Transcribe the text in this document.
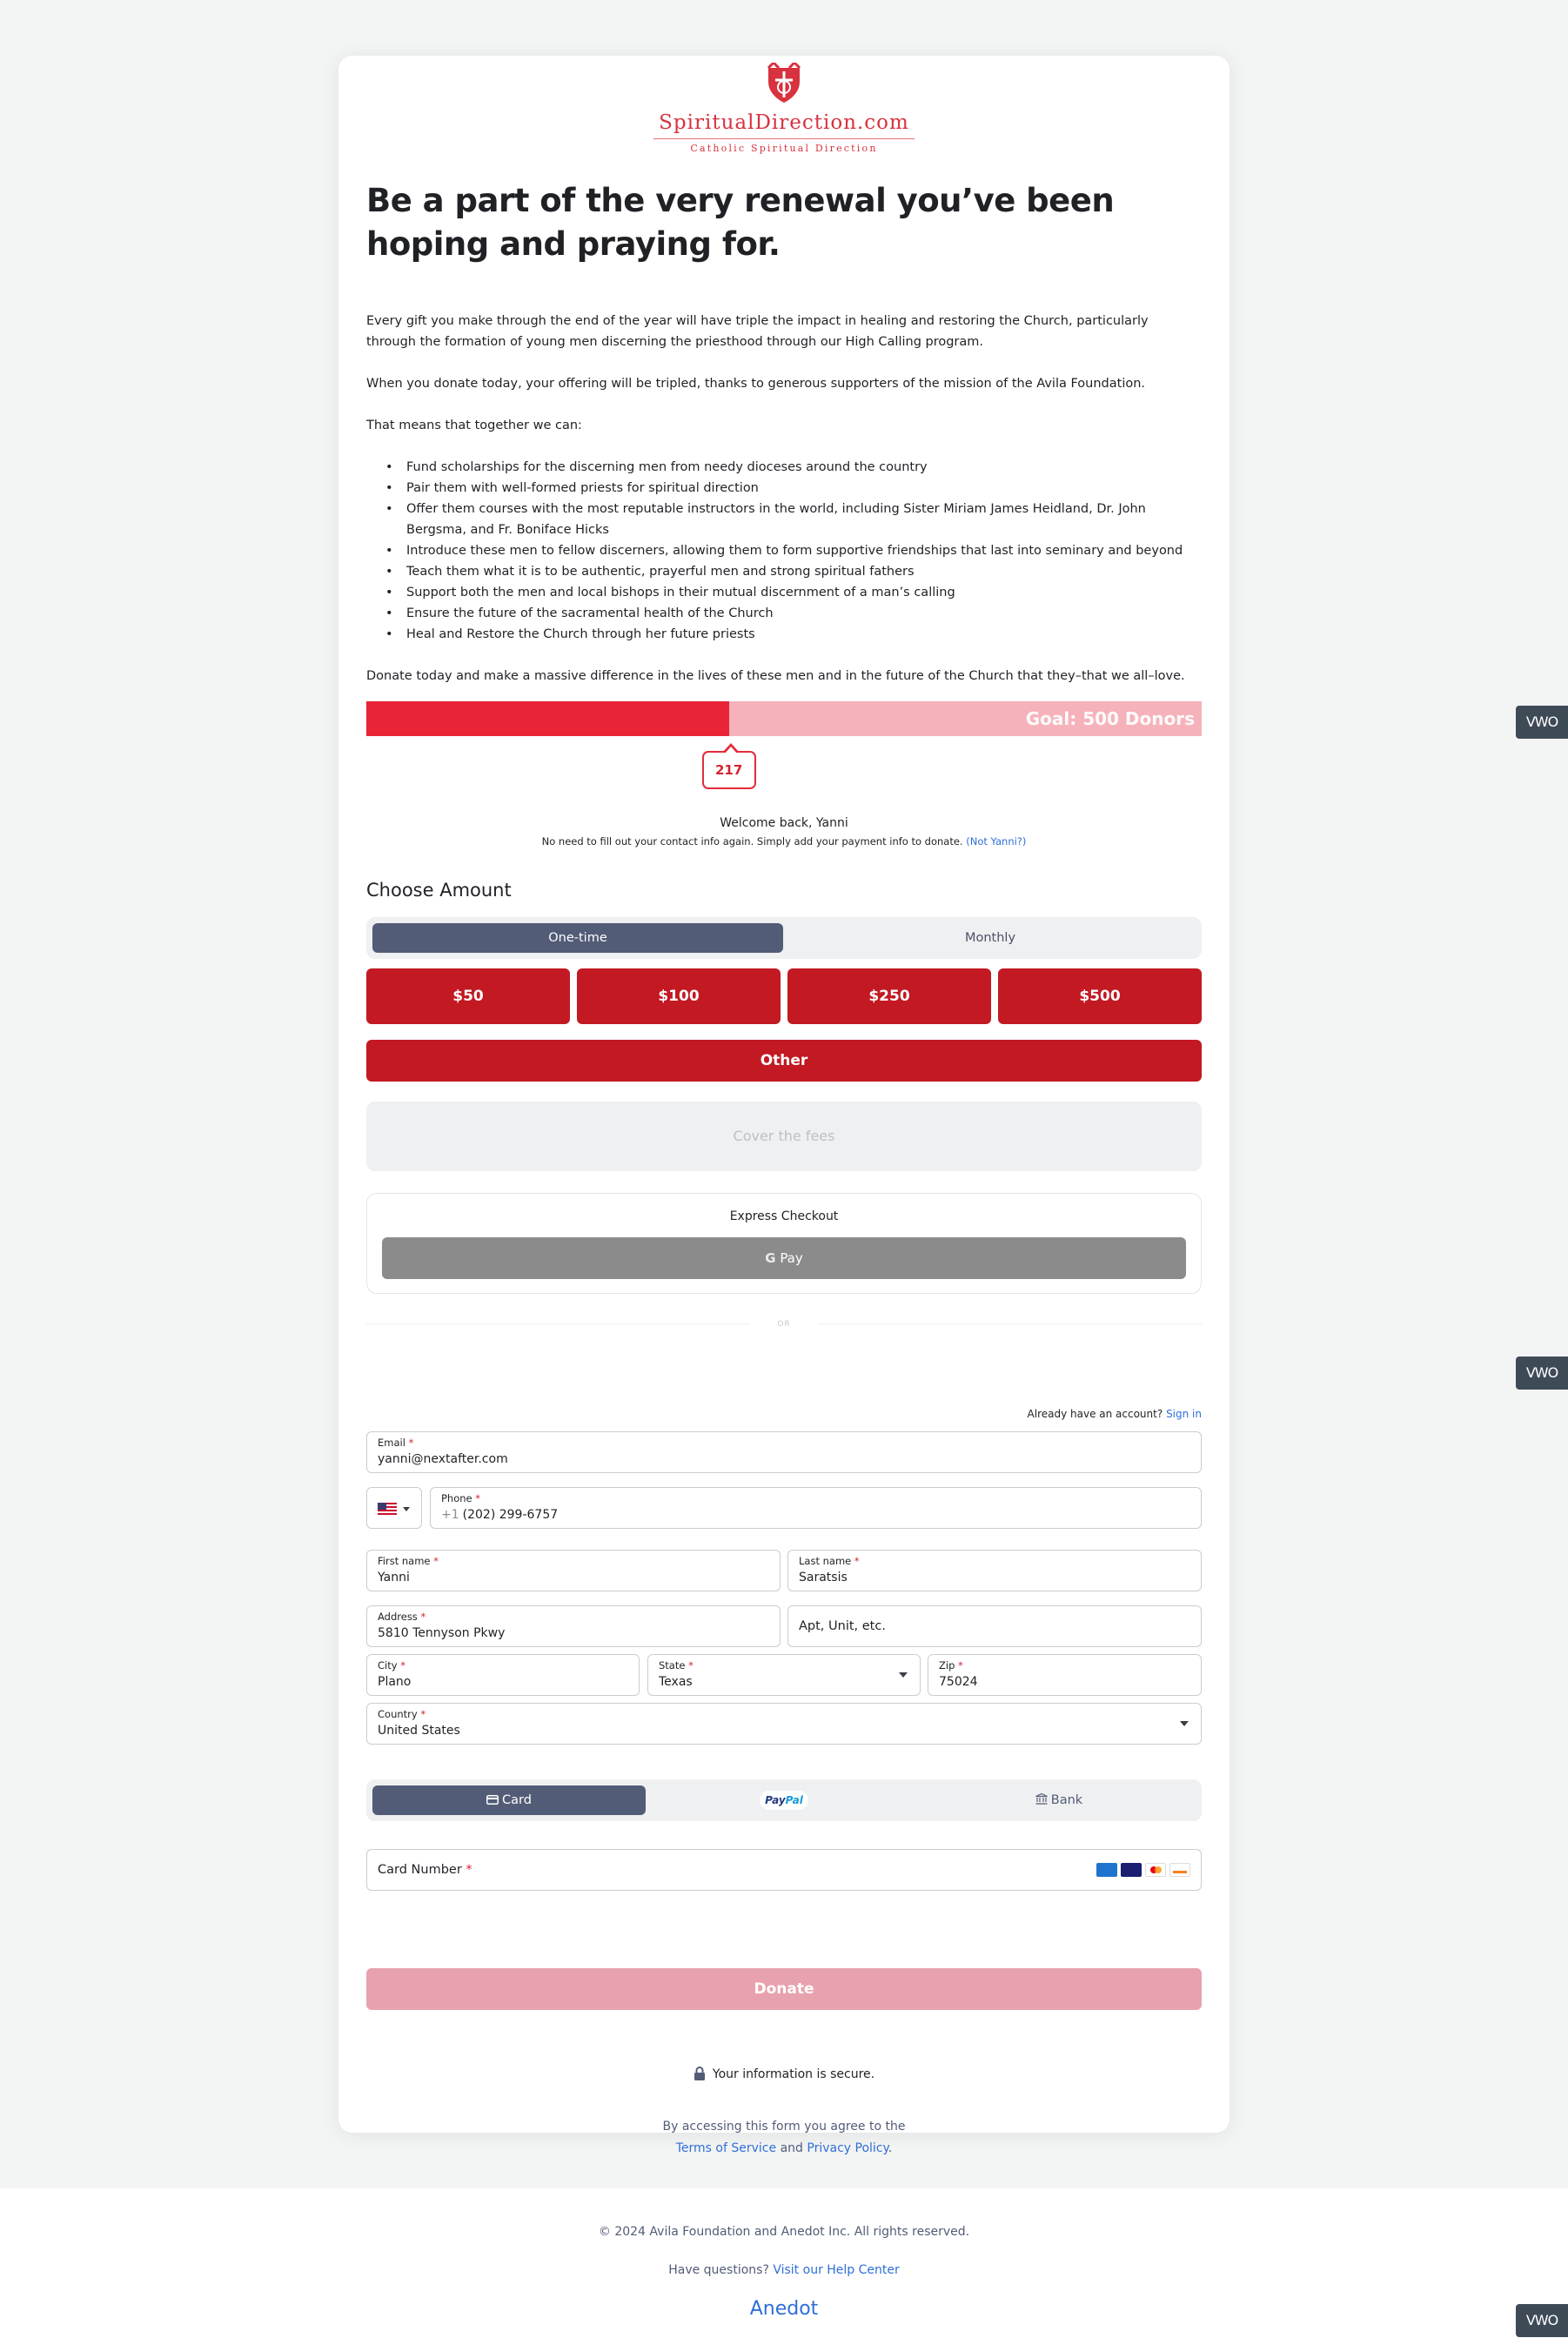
SpiritualDirection.com
Catholic Spiritual Direction
Be a part of the very renewal you’ve been hoping and praying for.

Every gift you make through the end of the year will have triple the impact in healing and restoring the Church, particularly through the formation of young men discerning the priesthood through our High Calling program.

When you donate today, your offering will be tripled, thanks to generous supporters of the mission of the Avila Foundation.

That means that together we can:

• Fund scholarships for the discerning men from needy dioceses around the country
• Pair them with well-formed priests for spiritual direction
• Offer them courses with the most reputable instructors in the world, including Sister Miriam James Heidland, Dr. John Bergsma, and Fr. Boniface Hicks
• Introduce these men to fellow discerners, allowing them to form supportive friendships that last into seminary and beyond
• Teach them what it is to be authentic, prayerful men and strong spiritual fathers
• Support both the men and local bishops in their mutual discernment of a man’s calling
• Ensure the future of the sacramental health of the Church
• Heal and Restore the Church through her future priests

Donate today and make a massive difference in the lives of these men and in the future of the Church that they–that we all–love.

Goal: 500 Donors
217
Welcome back, Yanni
No need to fill out your contact info again. Simply add your payment info to donate. (Not Yanni?)
Choose Amount
One-time	Monthly
$50	$100	$250	$500
Other
Cover the fees
Express Checkout
G Pay
OR
Already have an account? Sign in
Email *
yanni@nextafter.com
Phone *
+1 (202) 299-6757
First name *
Yanni
Last name *
Saratsis
Address *
5810 Tennyson Pkwy	Apt, Unit, etc.
City *
Plano
State *
Texas
Zip *
75024
Country *
United States
Card	PayPal	Bank
Card Number *
Donate
Your information is secure.
By accessing this form you agree to the
Terms of Service and Privacy Policy.
© 2024 Avila Foundation and Anedot Inc. All rights reserved.
Have questions? Visit our Help Center
Anedot
VWO
VWO
VWO
